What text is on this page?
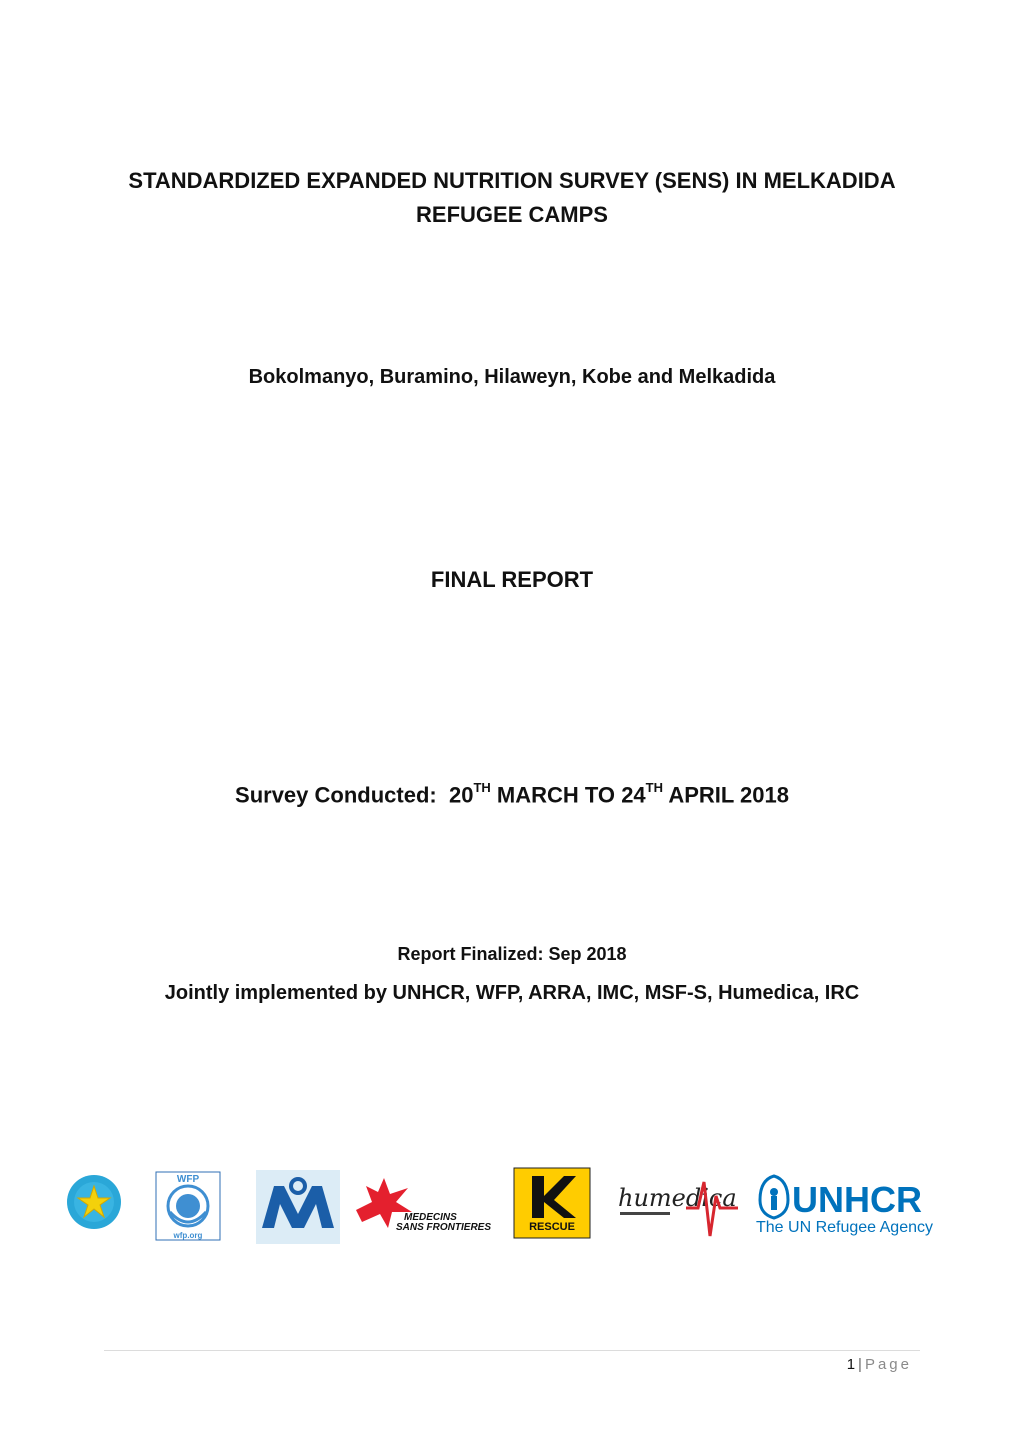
STANDARDIZED EXPANDED NUTRITION SURVEY (SENS) IN MELKADIDA
REFUGEE CAMPS
Bokolmanyo, Buramino, Hilaweyn, Kobe and Melkadida
FINAL REPORT
Survey Conducted: 20TH MARCH TO 24TH APRIL 2018
Report Finalized: Sep 2018
Jointly implemented by UNHCR, WFP, ARRA, IMC, MSF-S, Humedica, IRC
WFP
wfp.org
MEDECINS
SANS FRONTIERES	RESCUE
humedica UNHCR
The UN Refugee Agency
1 | Page
